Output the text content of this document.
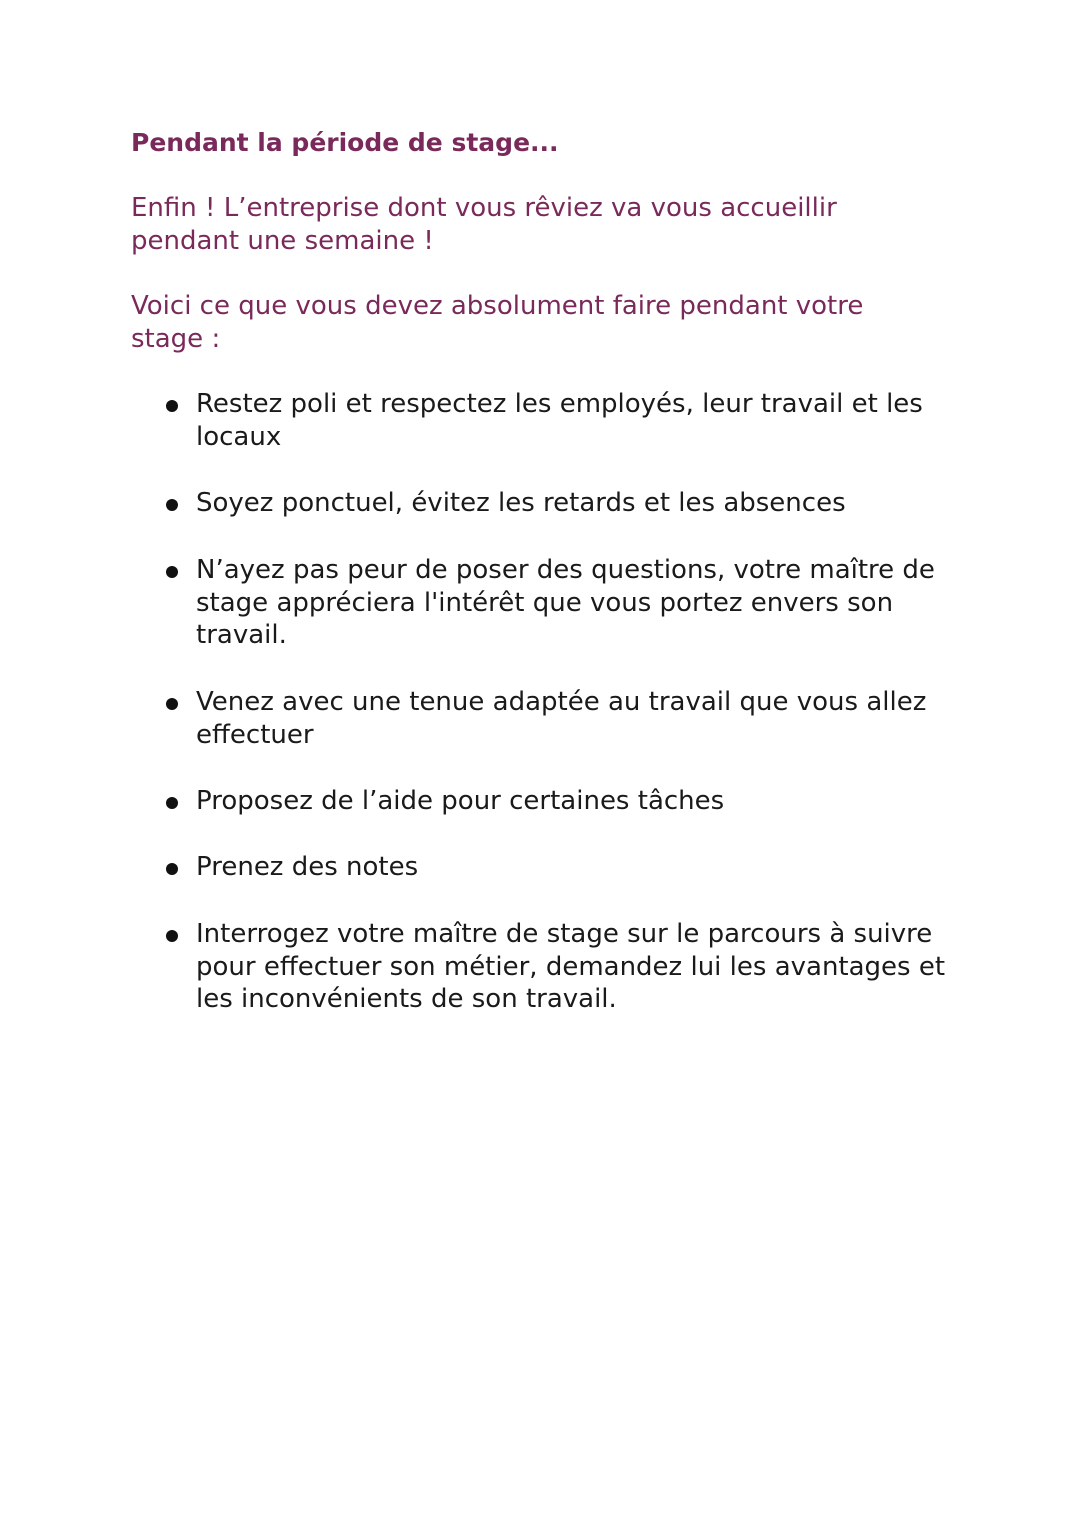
Pendant la période de stage...
Enfin ! L’entreprise dont vous rêviez va vous accueillir pendant une semaine !
Voici ce que vous devez absolument faire pendant votre stage :
Restez poli et respectez les employés, leur travail et les locaux
Soyez ponctuel, évitez les retards et les absences
N’ayez pas peur de poser des questions, votre maître de stage appréciera l'intérêt que vous portez envers son travail.
Venez avec une tenue adaptée au travail que vous allez effectuer
Proposez de l’aide pour certaines tâches
Prenez des notes
Interrogez votre maître de stage sur le parcours à suivre pour effectuer son métier, demandez lui les avantages et les inconvénients de son travail.
